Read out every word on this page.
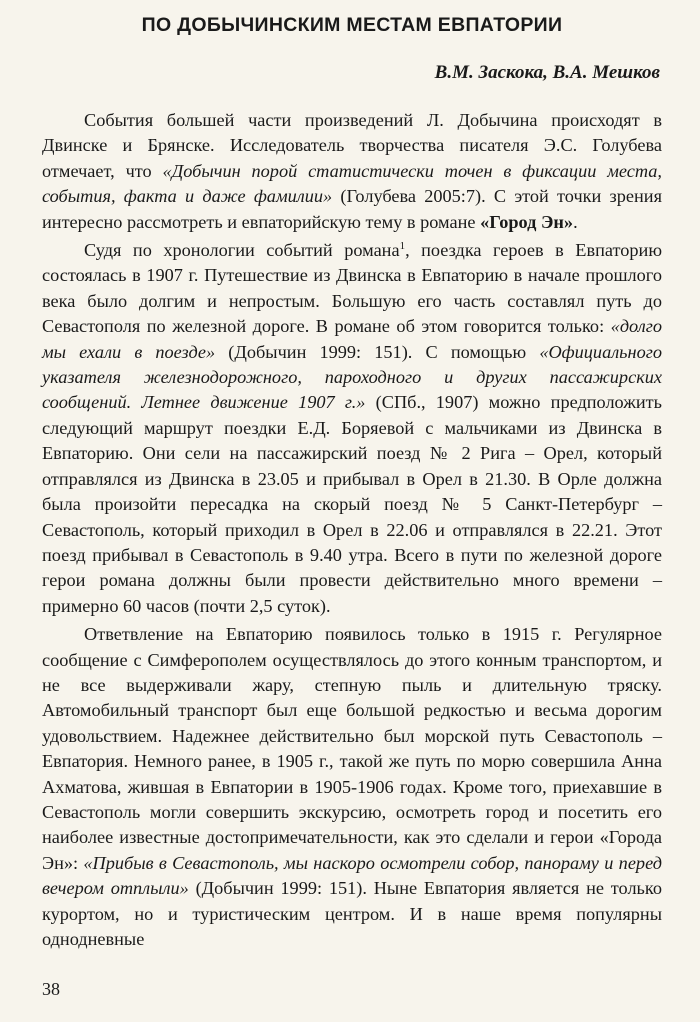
ПО ДОБЫЧИНСКИМ МЕСТАМ ЕВПАТОРИИ
В.М. Заскока, В.А. Мешков

События большей части произведений Л. Добычина происходят в Двинске и Брянске. Исследователь творчества писателя Э.С. Голубева отмечает, что «Добычин порой статистически точен в фиксации места, события, факта и даже фамилии» (Голубева 2005:7). С этой точки зрения интересно рассмотреть и евпаторийскую тему в романе «Город Эн».

Судя по хронологии событий романа$^1$, поездка героев в Евпаторию состоялась в 1907 г. Путешествие из Двинска в Евпаторию в начале прошлого века было долгим и непростым. Большую его часть составлял путь до Севастополя по железной дороге. В романе об этом говорится только: «долго мы ехали в поезде» (Добычин 1999: 151). С помощью «Официального указателя железнодорожного, пароходного и других пассажирских сообщений. Летнее движение 1907 г.» (СПб., 1907) можно предположить следующий маршрут поездки Е.Д. Боряевой с мальчиками из Двинска в Евпаторию. Они сели на пассажирский поезд № 2 Рига – Орел, который отправлялся из Двинска в 23.05 и прибывал в Орел в 21.30. В Орле должна была произойти пересадка на скорый поезд № 5 Санкт-Петербург – Севастополь, который приходил в Орел в 22.06 и отправлялся в 22.21. Этот поезд прибывал в Севастополь в 9.40 утра. Всего в пути по железной дороге герои романа должны были провести действительно много времени – примерно 60 часов (почти 2,5 суток).

Ответвление на Евпаторию появилось только в 1915 г. Регулярное сообщение с Симферополем осуществлялось до этого конным транспортом, и не все выдерживали жару, степную пыль и длительную тряску. Автомобильный транспорт был еще большой редкостью и весьма дорогим удовольствием. Надежнее действительно был морской путь Севастополь – Евпатория. Немного ранее, в 1905 г., такой же путь по морю совершила Анна Ахматова, жившая в Евпатории в 1905-1906 годах. Кроме того, приехавшие в Севастополь могли совершить экскурсию, осмотреть город и посетить его наиболее известные достопримечательности, как это сделали и герои «Города Эн»: «Прибыв в Севастополь, мы наскоро осмотрели собор, панораму и перед вечером отплыли» (Добычин 1999: 151). Ныне Евпатория является не только курортом, но и туристическим центром. И в наше время популярны однодневные

38
